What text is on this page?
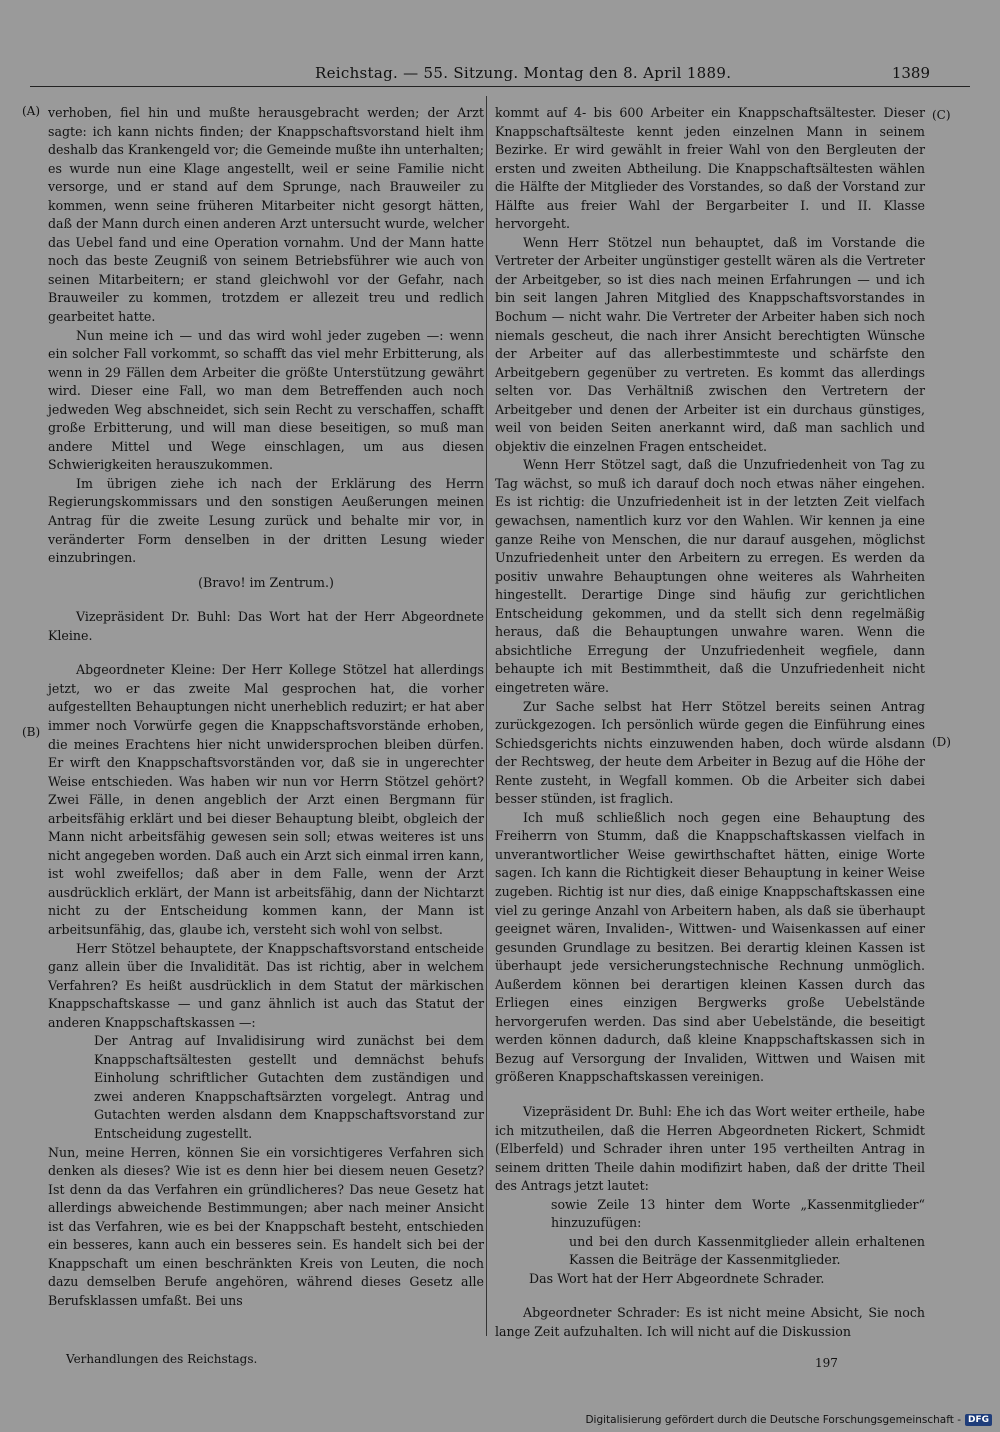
Reichstag. — 55. Sitzung. Montag den 8. April 1889.	1389
(A)
(B)
(C)
(D)

verhoben, fiel hin und mußte herausgebracht werden; der Arzt sagte: ich kann nichts finden; der Knappschaftsvorstand hielt ihm deshalb das Krankengeld vor; die Gemeinde mußte ihn unterhalten; es wurde nun eine Klage angestellt, weil er seine Familie nicht versorge, und er stand auf dem Sprunge, nach Brauweiler zu kommen, wenn seine früheren Mitarbeiter nicht gesorgt hätten, daß der Mann durch einen anderen Arzt untersucht wurde, welcher das Uebel fand und eine Operation vornahm. Und der Mann hatte noch das beste Zeugniß von seinem Betriebsführer wie auch von seinen Mitarbeitern; er stand gleichwohl vor der Gefahr, nach Brauweiler zu kommen, trotzdem er allezeit treu und redlich gearbeitet hatte.

Nun meine ich — und das wird wohl jeder zugeben —: wenn ein solcher Fall vorkommt, so schafft das viel mehr Erbitterung, als wenn in 29 Fällen dem Arbeiter die größte Unterstützung gewährt wird. Dieser eine Fall, wo man dem Betreffenden auch noch jedweden Weg abschneidet, sich sein Recht zu verschaffen, schafft große Erbitterung, und will man diese beseitigen, so muß man andere Mittel und Wege einschlagen, um aus diesen Schwierigkeiten herauszukommen.

Im übrigen ziehe ich nach der Erklärung des Herrn Regierungskommissars und den sonstigen Aeußerungen meinen Antrag für die zweite Lesung zurück und behalte mir vor, in veränderter Form denselben in der dritten Lesung wieder einzubringen.

(Bravo! im Zentrum.)

Vizepräsident Dr. Buhl: Das Wort hat der Herr Abgeordnete Kleine.

Abgeordneter Kleine: Der Herr Kollege Stötzel hat allerdings jetzt, wo er das zweite Mal gesprochen hat, die vorher aufgestellten Behauptungen nicht unerheblich reduzirt; er hat aber immer noch Vorwürfe gegen die Knappschaftsvorstände erhoben, die meines Erachtens hier nicht unwidersprochen bleiben dürfen. Er wirft den Knappschaftsvorständen vor, daß sie in ungerechter Weise entschieden. Was haben wir nun vor Herrn Stötzel gehört? Zwei Fälle, in denen angeblich der Arzt einen Bergmann für arbeitsfähig erklärt und bei dieser Behauptung bleibt, obgleich der Mann nicht arbeitsfähig gewesen sein soll; etwas weiteres ist uns nicht angegeben worden. Daß auch ein Arzt sich einmal irren kann, ist wohl zweifellos; daß aber in dem Falle, wenn der Arzt ausdrücklich erklärt, der Mann ist arbeitsfähig, dann der Nichtarzt nicht zu der Entscheidung kommen kann, der Mann ist arbeitsunfähig, das, glaube ich, versteht sich wohl von selbst.

Herr Stötzel behauptete, der Knappschaftsvorstand entscheide ganz allein über die Invalidität. Das ist richtig, aber in welchem Verfahren? Es heißt ausdrücklich in dem Statut der märkischen Knappschaftskasse — und ganz ähnlich ist auch das Statut der anderen Knappschaftskassen —:

Der Antrag auf Invalidisirung wird zunächst bei dem Knappschaftsältesten gestellt und demnächst behufs Einholung schriftlicher Gutachten dem zuständigen und zwei anderen Knappschaftsärzten vorgelegt. Antrag und Gutachten werden alsdann dem Knappschaftsvorstand zur Entscheidung zugestellt.

Nun, meine Herren, können Sie ein vorsichtigeres Verfahren sich denken als dieses? Wie ist es denn hier bei diesem neuen Gesetz? Ist denn da das Verfahren ein gründlicheres? Das neue Gesetz hat allerdings abweichende Bestimmungen; aber nach meiner Ansicht ist das Verfahren, wie es bei der Knappschaft besteht, entschieden ein besseres, kann auch ein besseres sein. Es handelt sich bei der Knappschaft um einen beschränkten Kreis von Leuten, die noch dazu demselben Berufe angehören, während dieses Gesetz alle Berufsklassen umfaßt. Bei uns

kommt auf 4- bis 600 Arbeiter ein Knappschaftsältester. Dieser Knappschaftsälteste kennt jeden einzelnen Mann in seinem Bezirke. Er wird gewählt in freier Wahl von den Bergleuten der ersten und zweiten Abtheilung. Die Knappschaftsältesten wählen die Hälfte der Mitglieder des Vorstandes, so daß der Vorstand zur Hälfte aus freier Wahl der Bergarbeiter I. und II. Klasse hervorgeht.

Wenn Herr Stötzel nun behauptet, daß im Vorstande die Vertreter der Arbeiter ungünstiger gestellt wären als die Vertreter der Arbeitgeber, so ist dies nach meinen Erfahrungen — und ich bin seit langen Jahren Mitglied des Knappschaftsvorstandes in Bochum — nicht wahr. Die Vertreter der Arbeiter haben sich noch niemals gescheut, die nach ihrer Ansicht berechtigten Wünsche der Arbeiter auf das allerbestimmteste und schärfste den Arbeitgebern gegenüber zu vertreten. Es kommt das allerdings selten vor. Das Verhältniß zwischen den Vertretern der Arbeitgeber und denen der Arbeiter ist ein durchaus günstiges, weil von beiden Seiten anerkannt wird, daß man sachlich und objektiv die einzelnen Fragen entscheidet.

Wenn Herr Stötzel sagt, daß die Unzufriedenheit von Tag zu Tag wächst, so muß ich darauf doch noch etwas näher eingehen. Es ist richtig: die Unzufriedenheit ist in der letzten Zeit vielfach gewachsen, namentlich kurz vor den Wahlen. Wir kennen ja eine ganze Reihe von Menschen, die nur darauf ausgehen, möglichst Unzufriedenheit unter den Arbeitern zu erregen. Es werden da positiv unwahre Behauptungen ohne weiteres als Wahrheiten hingestellt. Derartige Dinge sind häufig zur gerichtlichen Entscheidung gekommen, und da stellt sich denn regelmäßig heraus, daß die Behauptungen unwahre waren. Wenn die absichtliche Erregung der Unzufriedenheit wegfiele, dann behaupte ich mit Bestimmtheit, daß die Unzufriedenheit nicht eingetreten wäre.

Zur Sache selbst hat Herr Stötzel bereits seinen Antrag zurückgezogen. Ich persönlich würde gegen die Einführung eines Schiedsgerichts nichts einzuwenden haben, doch würde alsdann der Rechtsweg, der heute dem Arbeiter in Bezug auf die Höhe der Rente zusteht, in Wegfall kommen. Ob die Arbeiter sich dabei besser stünden, ist fraglich.

Ich muß schließlich noch gegen eine Behauptung des Freiherrn von Stumm, daß die Knappschaftskassen vielfach in unverantwortlicher Weise gewirthschaftet hätten, einige Worte sagen. Ich kann die Richtigkeit dieser Behauptung in keiner Weise zugeben. Richtig ist nur dies, daß einige Knappschaftskassen eine viel zu geringe Anzahl von Arbeitern haben, als daß sie überhaupt geeignet wären, Invaliden-, Wittwen- und Waisenkassen auf einer gesunden Grundlage zu besitzen. Bei derartig kleinen Kassen ist überhaupt jede versicherungstechnische Rechnung unmöglich. Außerdem können bei derartigen kleinen Kassen durch das Erliegen eines einzigen Bergwerks große Uebelstände hervorgerufen werden. Das sind aber Uebelstände, die beseitigt werden können dadurch, daß kleine Knappschaftskassen sich in Bezug auf Versorgung der Invaliden, Wittwen und Waisen mit größeren Knappschaftskassen vereinigen.

Vizepräsident Dr. Buhl: Ehe ich das Wort weiter ertheile, habe ich mitzutheilen, daß die Herren Abgeordneten Rickert, Schmidt (Elberfeld) und Schrader ihren unter 195 vertheilten Antrag in seinem dritten Theile dahin modifizirt haben, daß der dritte Theil des Antrags jetzt lautet:

sowie Zeile 13 hinter dem Worte „Kassenmitglieder“ hinzuzufügen:

und bei den durch Kassenmitglieder allein erhaltenen Kassen die Beiträge der Kassenmitglieder.

Das Wort hat der Herr Abgeordnete Schrader.

Abgeordneter Schrader: Es ist nicht meine Absicht, Sie noch lange Zeit aufzuhalten. Ich will nicht auf die Diskussion

Verhandlungen des Reichstags.	197
Digitalisierung gefördert durch die Deutsche Forschungsgemeinschaft - DFG
